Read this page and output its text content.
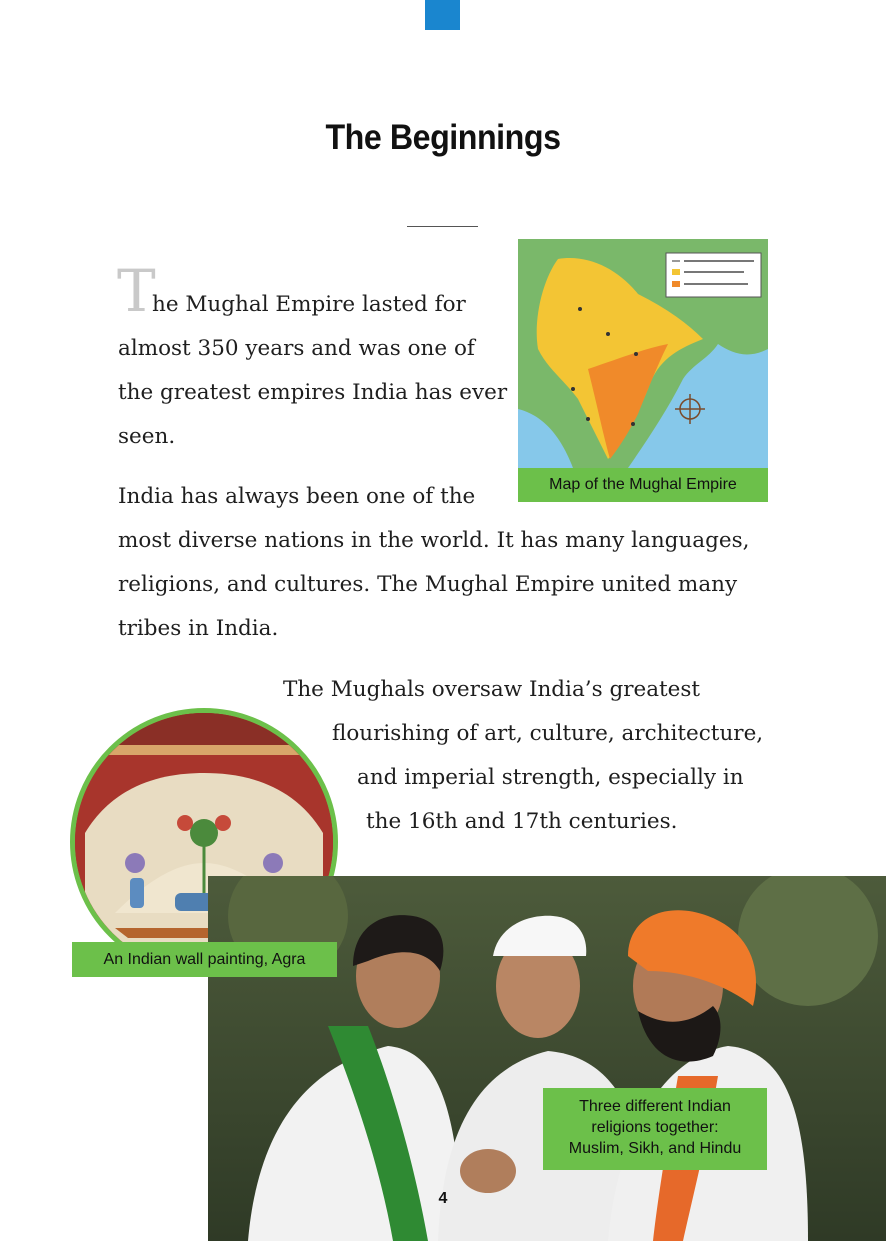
The Beginnings
T
he Mughal Empire lasted for
almost 350 years and was one of
the greatest empires India has ever
seen.
India has always been one of the
most diverse nations in the world. It has many languages,
religions, and cultures. The Mughal Empire united many
tribes in India.
The Mughals oversaw India’s greatest
flourishing of art, culture, architecture,
and imperial strength, especially in
the 16th and 17th centuries.
Map of the Mughal Empire
An Indian wall painting, Agra
Three different Indian
religions together:
Muslim, Sikh, and Hindu
4
